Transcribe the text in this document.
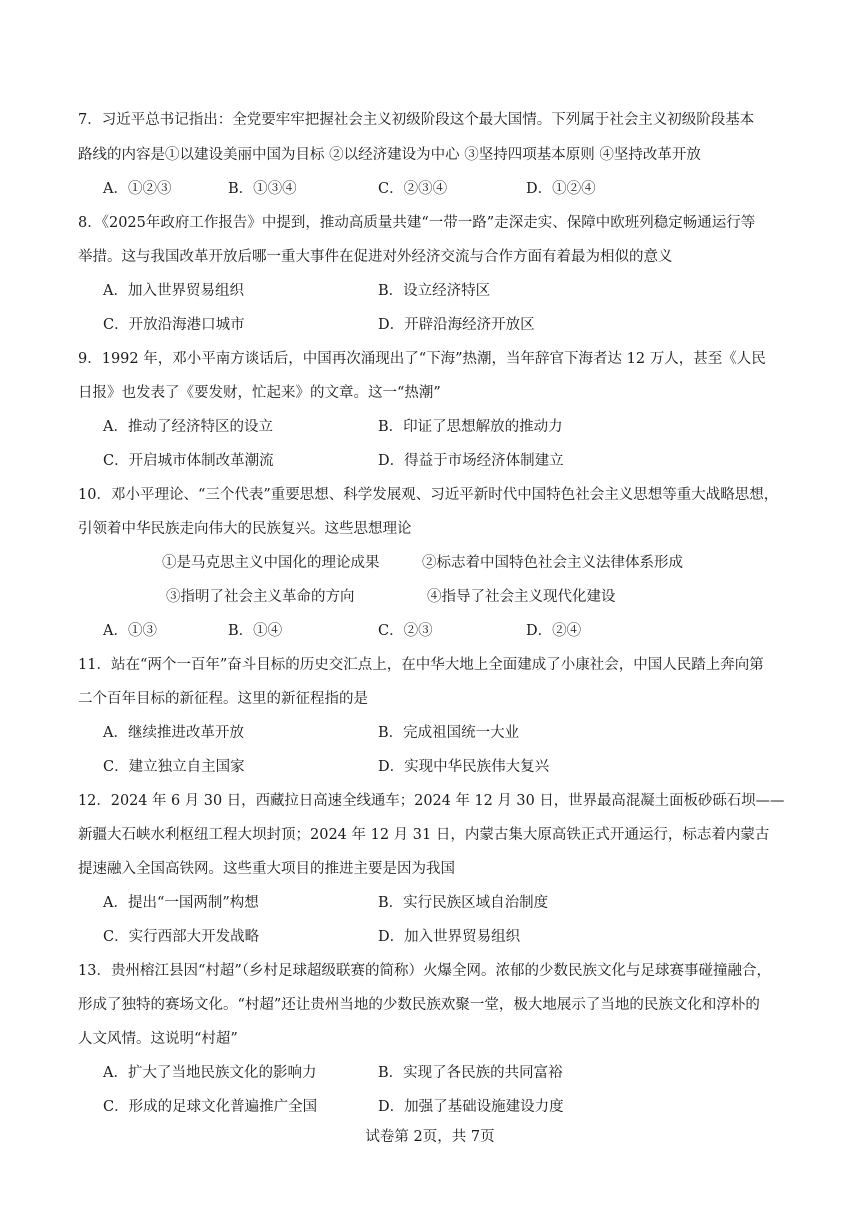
7．习近平总书记指出：全党要牢牢把握社会主义初级阶段这个最大国情。下列属于社会主义初级阶段基本
路线的内容是①以建设美丽中国为目标 ②以经济建设为中心 ③坚持四项基本原则 ④坚持改革开放
A．①②③	B．①③④	C．②③④	D．①②④
8．《2025年政府工作报告》中提到，推动高质量共建“一带一路”走深走实、保障中欧班列稳定畅通运行等
举措。这与我国改革开放后哪一重大事件在促进对外经济交流与合作方面有着最为相似的意义
A．加入世界贸易组织	B．设立经济特区
C．开放沿海港口城市	D．开辟沿海经济开放区
9．1992 年，邓小平南方谈话后，中国再次涌现出了“下海”热潮，当年辞官下海者达 12 万人，甚至《人民
日报》也发表了《要发财，忙起来》的文章。这一“热潮”
A．推动了经济特区的设立	B．印证了思想解放的推动力
C．开启城市体制改革潮流	D．得益于市场经济体制建立
10．邓小平理论、“三个代表”重要思想、科学发展观、习近平新时代中国特色社会主义思想等重大战略思想，
引领着中华民族走向伟大的民族复兴。这些思想理论
①是马克思主义中国化的理论成果	②标志着中国特色社会主义法律体系形成
③指明了社会主义革命的方向	④指导了社会主义现代化建设
A．①③	B．①④	C．②③	D．②④
11．站在“两个一百年”奋斗目标的历史交汇点上，在中华大地上全面建成了小康社会，中国人民踏上奔向第
二个百年目标的新征程。这里的新征程指的是
A．继续推进改革开放	B．完成祖国统一大业
C．建立独立自主国家	D．实现中华民族伟大复兴
12．2024 年 6 月 30 日，西藏拉日高速全线通车；2024 年 12 月 30 日，世界最高混凝土面板砂砾石坝——
新疆大石峡水利枢纽工程大坝封顶；2024 年 12 月 31 日，内蒙古集大原高铁正式开通运行，标志着内蒙古
提速融入全国高铁网。这些重大项目的推进主要是因为我国
A．提出“一国两制”构想	B．实行民族区域自治制度
C．实行西部大开发战略	D．加入世界贸易组织
13．贵州榕江县因“村超”（乡村足球超级联赛的简称）火爆全网。浓郁的少数民族文化与足球赛事碰撞融合，
形成了独特的赛场文化。“村超”还让贵州当地的少数民族欢聚一堂，极大地展示了当地的民族文化和淳朴的
人文风情。这说明“村超”
A．扩大了当地民族文化的影响力	B．实现了各民族的共同富裕
C．形成的足球文化普遍推广全国	D．加强了基础设施建设力度
试卷第 2页，共 7页
